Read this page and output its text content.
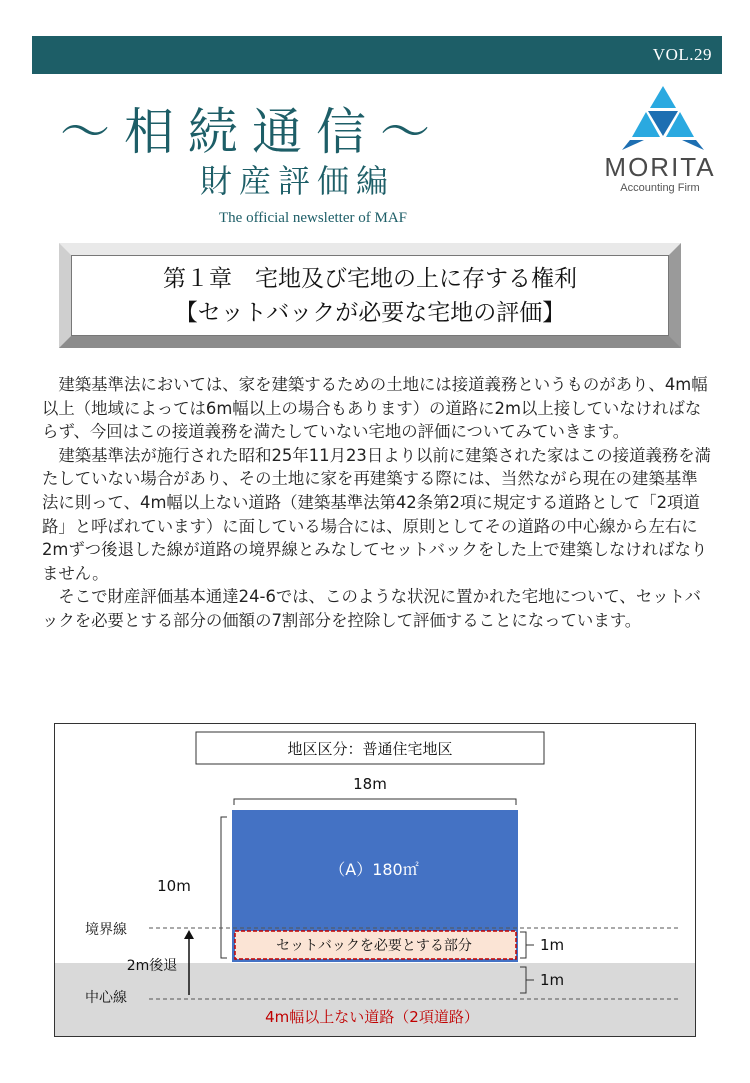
VOL.29
～相続通信～
財産評価編
The official newsletter of MAF
MORITA
Accounting Firm
第１章　宅地及び宅地の上に存する権利
【セットバックが必要な宅地の評価】

建築基準法においては、家を建築するための土地には接道義務というものがあり、4m幅以上（地域によっては6m幅以上の場合もあります）の道路に2m以上接していなければならず、今回はこの接道義務を満たしていない宅地の評価についてみていきます。

建築基準法が施行された昭和25年11月23日より以前に建築された家はこの接道義務を満たしていない場合があり、その土地に家を再建築する際には、当然ながら現在の建築基準法に則って、4m幅以上ない道路（建築基準法第42条第2項に規定する道路として「2項道路」と呼ばれています）に面している場合には、原則としてその道路の中心線から左右に2mずつ後退した線が道路の境界線とみなしてセットバックをした上で建築しなければなりません。

そこで財産評価基本通達24-6では、このような状況に置かれた宅地について、セットバックを必要とする部分の価額の7割部分を控除して評価することになっています。

地区区分：普通住宅地区
18m
10m
（A）180㎡
セットバックを必要とする部分
境界線
中心線
2m後退
1m
1m
4m幅以上ない道路（2項道路）
